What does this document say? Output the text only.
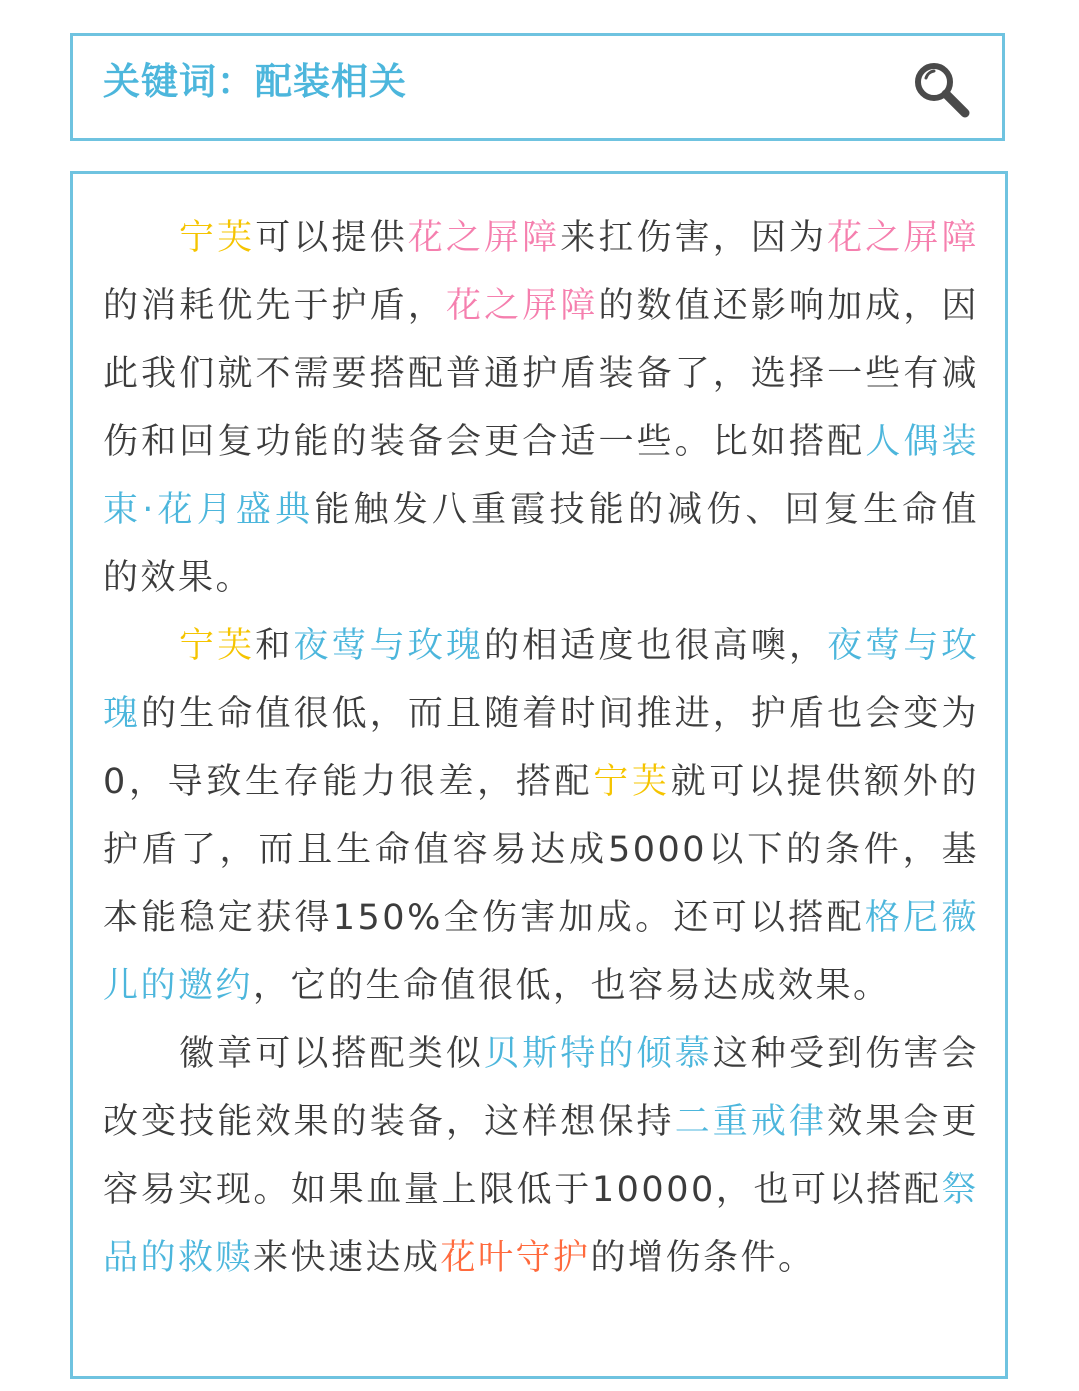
关键词：配装相关

宁芙可以提供花之屏障来扛伤害，因为花之屏障的消耗优先于护盾，花之屏障的数值还影响加成，因此我们就不需要搭配普通护盾装备了，选择一些有减伤和回复功能的装备会更合适一些。比如搭配人偶装束·花月盛典能触发八重霞技能的减伤、回复生命值的效果。

宁芙和夜莺与玫瑰的相适度也很高噢，夜莺与玫瑰的生命值很低，而且随着时间推进，护盾也会变为0，导致生存能力很差，搭配宁芙就可以提供额外的护盾了，而且生命值容易达成5000以下的条件，基本能稳定获得150%全伤害加成。还可以搭配格尼薇儿的邀约，它的生命值很低，也容易达成效果。

徽章可以搭配类似贝斯特的倾慕这种受到伤害会改变技能效果的装备，这样想保持二重戒律效果会更容易实现。如果血量上限低于10000，也可以搭配祭品的救赎来快速达成花叶守护的增伤条件。
